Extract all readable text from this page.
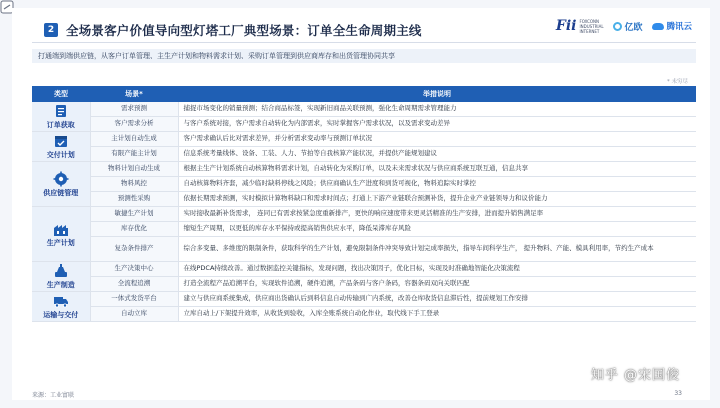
2 全场景客户价值导向型灯塔工厂典型场景：订单全生命周期主线	Fii FOXCONN INDUSTRIAL INTERNET	亿欧	腾讯云
打通端到端供应链，从客户订单管理、主生产计划和物料需求计划、采购订单管理到供应商库存和出货管理协同共享
* 未穷尽
类型	场景*	举措说明

订单获取	需求预测	捕捉市场变化的销量预测；结合商品标签，实现新旧商品关联预测，强化生命周期需求管理能力
	客户需求分析	与客户系统对接，客户需求自动转化为内部需求，实时掌握客户需求状况，以及需求变动差异

交付计划	主计划自动生成	客户需求确认后比对需求差异，并分析需求变动率与预测订单状况
	有限产能主计划	信息系统考量线体、设备、工装、人力、节拍等自我核算产能状况，并提供产能规划建议

供应链管理	物料计划自动生成	根据主生产计划系统自动核算物料需求计划，自动转化为采购订单，以及未来需求状况与供应商系统互联互通，信息共享
	物料风控	自动核算物料齐套，减少临时缺料停线之风险；供应商确认生产进度和到货可视化，物料追踪实时掌控
	预测性采购	依据长期需求预测，实时模拟计算物料缺口和需求时间点；打通上下游产业链联合预测补货，提升企业产业链领导力和议价能力

生产计划	敏捷生产计划	实时接收最新补货需求， 连同已有需求按紧急度重新排产，更快的响应速度带来更灵活精准的生产安排，进而提升销售满足率
	库存优化	缩短生产周期，以更低的库存水平保持或提高销售供应水平，降低呆滞库存风险
	复杂条件排产	综合多变量、多维度的限制条件，获取科学的生产计划，避免限制条件冲突导致计划完成率损失，指导车间科学生产， 提升物料、产能、模具利用率，节约生产成本

生产制造	生产决策中心	在线PDCA持续改善。通过数据监控关键指标，发现问题，找出决策因子，优化目标，实现及时准确地智能化决策流程
	全流程追溯	打造全流程产品追溯平台，实现软件追溯，硬件追溯，产品条码与客户条码，容器条码双向关联匹配

运输与交付	一体式发货平台	建立与供应商系统集成，供应商出货确认后到料信息自动传输到广内系统，改善仓库收货信息滞后性，提前规划工作安排
	自动立库	立库自动上/下架提升效率，从收货到验收，入库全账系统自动化作业，取代线下手工登录
来源：工业富联	33
知乎 @宋国俊
